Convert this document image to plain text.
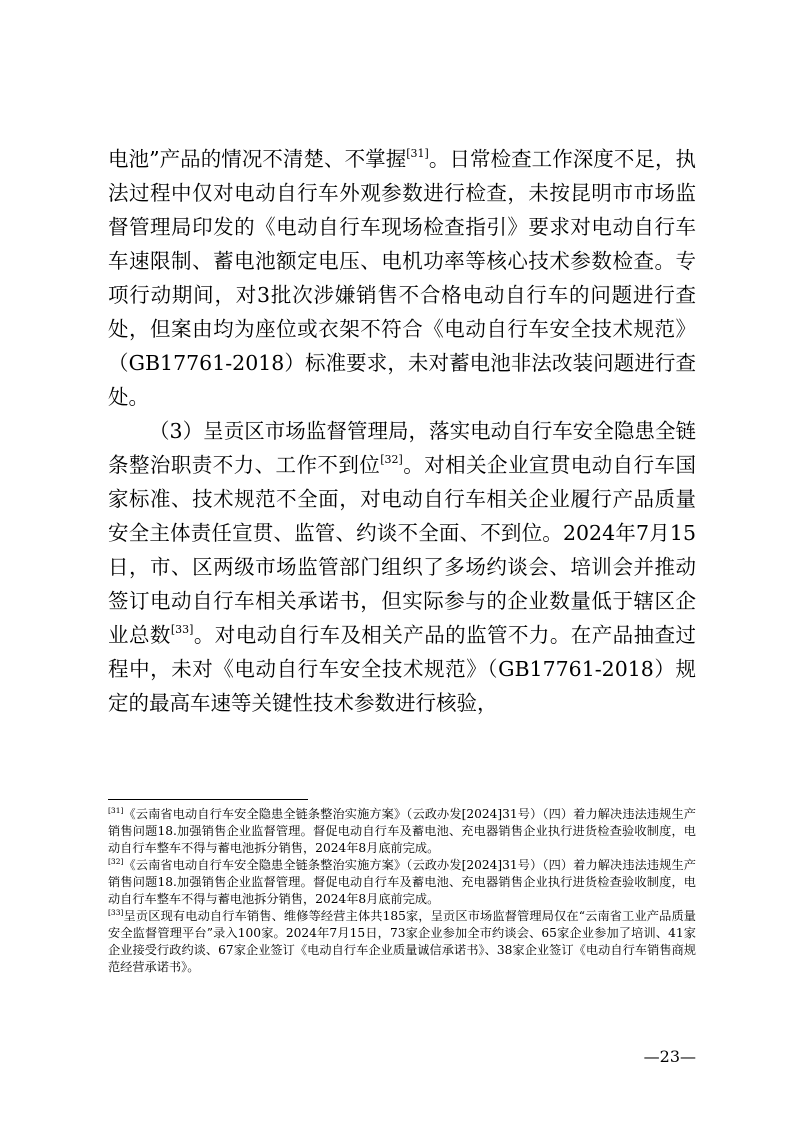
电池”产品的情况不清楚、不掌握[31]。日常检查工作深度不足，执法过程中仅对电动自行车外观参数进行检查，未按昆明市市场监督管理局印发的《电动自行车现场检查指引》要求对电动自行车车速限制、蓄电池额定电压、电机功率等核心技术参数检查。专项行动期间，对3批次涉嫌销售不合格电动自行车的问题进行查处，但案由均为座位或衣架不符合《电动自行车安全技术规范》（GB17761-2018）标准要求，未对蓄电池非法改装问题进行查处。

（3）呈贡区市场监督管理局，落实电动自行车安全隐患全链条整治职责不力、工作不到位[32]。对相关企业宣贯电动自行车国家标准、技术规范不全面，对电动自行车相关企业履行产品质量安全主体责任宣贯、监管、约谈不全面、不到位。2024年7月15日，市、区两级市场监管部门组织了多场约谈会、培训会并推动签订电动自行车相关承诺书，但实际参与的企业数量低于辖区企业总数[33]。对电动自行车及相关产品的监管不力。在产品抽查过程中，未对《电动自行车安全技术规范》（GB17761-2018）规定的最高车速等关键性技术参数进行核验，

[31]《云南省电动自行车安全隐患全链条整治实施方案》（云政办发[2024]31号）（四）着力解决违法违规生产销售问题18.加强销售企业监督管理。督促电动自行车及蓄电池、充电器销售企业执行进货检查验收制度，电动自行车整车不得与蓄电池拆分销售，2024年8月底前完成。

[32]《云南省电动自行车安全隐患全链条整治实施方案》（云政办发[2024]31号）（四）着力解决违法违规生产销售问题18.加强销售企业监督管理。督促电动自行车及蓄电池、充电器销售企业执行进货检查验收制度，电动自行车整车不得与蓄电池拆分销售，2024年8月底前完成。

[33]呈贡区现有电动自行车销售、维修等经营主体共185家，呈贡区市场监督管理局仅在“云南省工业产品质量安全监督管理平台”录入100家。2024年7月15日，73家企业参加全市约谈会、65家企业参加了培训、41家企业接受行政约谈、67家企业签订《电动自行车企业质量诚信承诺书》、38家企业签订《电动自行车销售商规范经营承诺书》。

—23—
